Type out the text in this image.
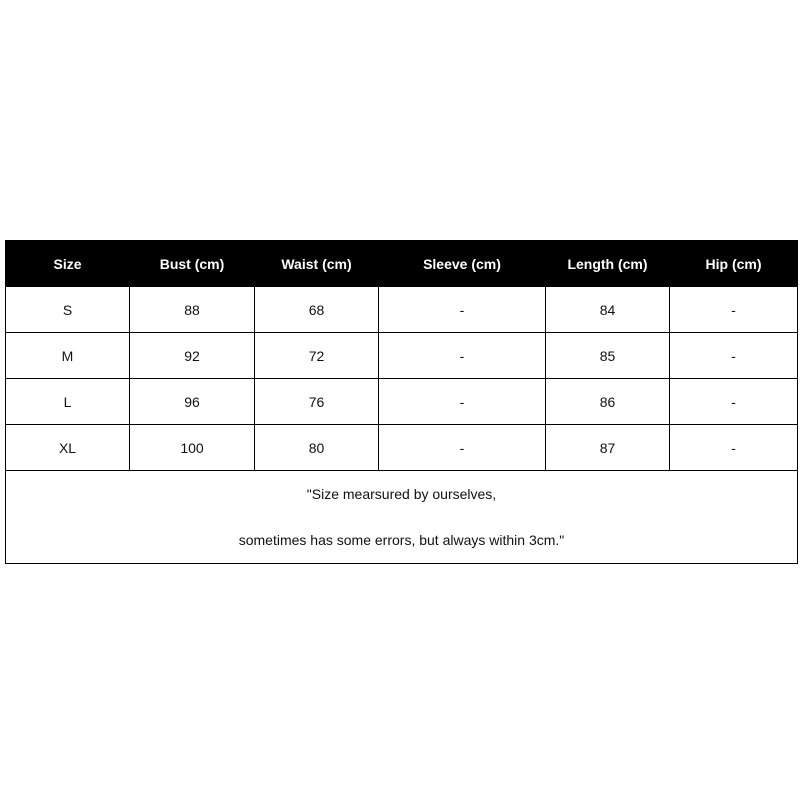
Size	Bust (cm)	Waist (cm)	Sleeve (cm)	Length (cm)	Hip (cm)
S	88	68	-	84	-
M	92	72	-	85	-
L	96	76	-	86	-
XL	100	80	-	87	-

"Size mearsured by ourselves,
sometimes has some errors, but always within 3cm."					
